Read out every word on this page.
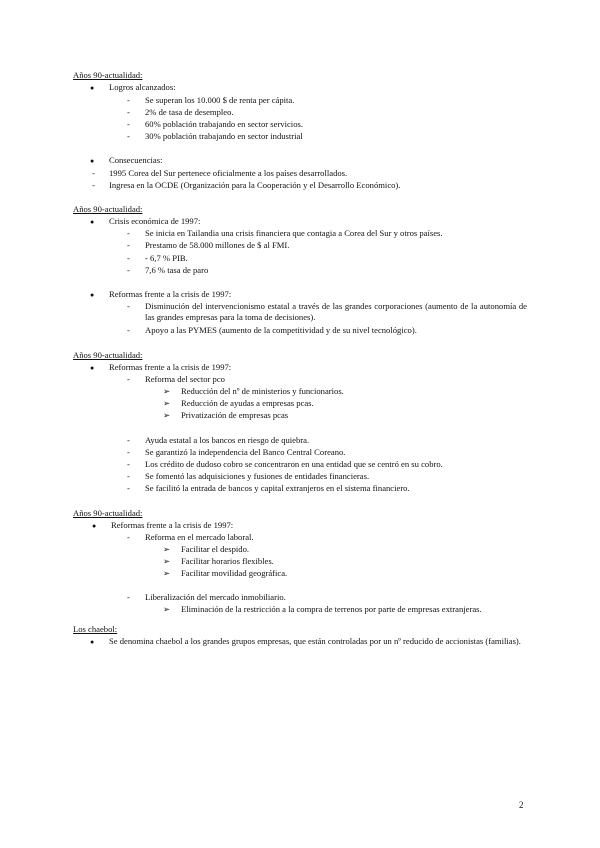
Años 90-actualidad:
● Logros alcanzados:
- Se superan los 10.000 $ de renta per cápita.
- 2% de tasa de desempleo.
- 60% población trabajando en sector servicios.
- 30% población trabajando en sector industrial
● Consecuencias:
- 1995 Corea del Sur pertenece oficialmente a los países desarrollados.
- Ingresa en la OCDE (Organización para la Cooperación y el Desarrollo Económico).
Años 90-actualidad:
● Crisis económica de 1997:
- Se inicia en Tailandia una crisis financiera que contagia a Corea del Sur y otros países.
- Prestamo de 58.000 millones de $ al FMI.
- - 6,7 % PIB.
- 7,6 % tasa de paro
● Reformas frente a la crisis de 1997:
- Disminución del intervencionismo estatal a través de las grandes corporaciones (aumento de la autonomía de las grandes empresas para la toma de decisiones).
- Apoyo a las PYMES (aumento de la competitividad y de su nivel tecnológico).
Años 90-actualidad:
● Reformas frente a la crisis de 1997:
- Reforma del sector pco
➢ Reducción del nº de ministerios y funcionarios.
➢ Reducción de ayudas a empresas pcas.
➢ Privatización de empresas pcas
- Ayuda estatal a los bancos en riesgo de quiebra.
- Se garantizó la independencia del Banco Central Coreano.
- Los crédito de dudoso cobro se concentraron en una entidad que se centró en su cobro.
- Se fomentó las adquisiciones y fusiones de entidades financieras.
- Se facilitó la entrada de bancos y capital extranjeros en el sistema financiero.
Años 90-actualidad:
● Reformas frente a la crisis de 1997:
- Reforma en el mercado laboral.
➢ Facilitar el despido.
➢ Facilitar horarios flexibles.
➢ Facilitar movilidad geográfica.
- Liberalización del mercado inmobiliario.
➢ Eliminación de la restricción a la compra de terrenos por parte de empresas extranjeras.
Los chaebol:
● Se denomina chaebol a los grandes grupos empresas, que están controladas por un nº reducido de accionistas (familias).
2
